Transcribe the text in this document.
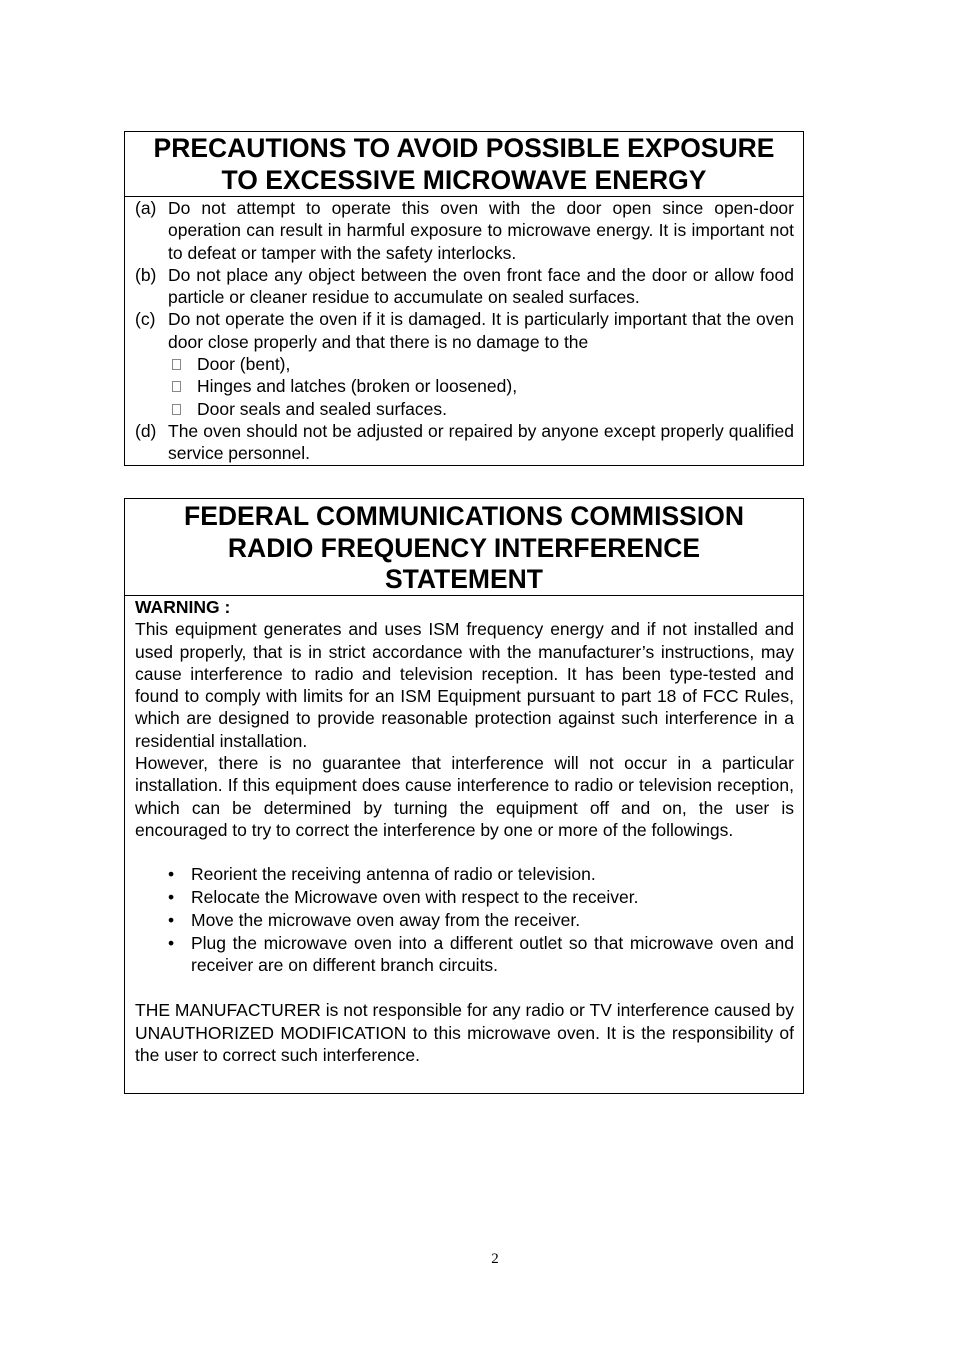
PRECAUTIONS TO AVOID POSSIBLE EXPOSURE
TO EXCESSIVE MICROWAVE ENERGY
(a) Do not attempt to operate this oven with the door open since open-door operation can result in harmful exposure to microwave energy. It is important not to defeat or tamper with the safety interlocks.
(b) Do not place any object between the oven front face and the door or allow food particle or cleaner residue to accumulate on sealed surfaces.
(c) Do not operate the oven if it is damaged. It is particularly important that the oven door close properly and that there is no damage to the
Door (bent),
Hinges and latches (broken or loosened),
Door seals and sealed surfaces.
(d) The oven should not be adjusted or repaired by anyone except properly qualified service personnel.
FEDERAL COMMUNICATIONS COMMISSION
RADIO FREQUENCY INTERFERENCE
STATEMENT
WARNING :
This equipment generates and uses ISM frequency energy and if not installed and used properly, that is in strict accordance with the manufacturer’s instructions, may cause interference to radio and television reception. It has been type-tested and found to comply with limits for an ISM Equipment pursuant to part 18 of FCC Rules, which are designed to provide reasonable protection against such interference in a residential installation.
However, there is no guarantee that interference will not occur in a particular installation. If this equipment does cause interference to radio or television reception, which can be determined by turning the equipment off and on, the user is encouraged to try to correct the interference by one or more of the followings.
• Reorient the receiving antenna of radio or television.
• Relocate the Microwave oven with respect to the receiver.
• Move the microwave oven away from the receiver.
• Plug the microwave oven into a different outlet so that microwave oven and receiver are on different branch circuits.
THE MANUFACTURER is not responsible for any radio or TV interference caused by UNAUTHORIZED MODIFICATION to this microwave oven. It is the responsibility of the user to correct such interference.
2
